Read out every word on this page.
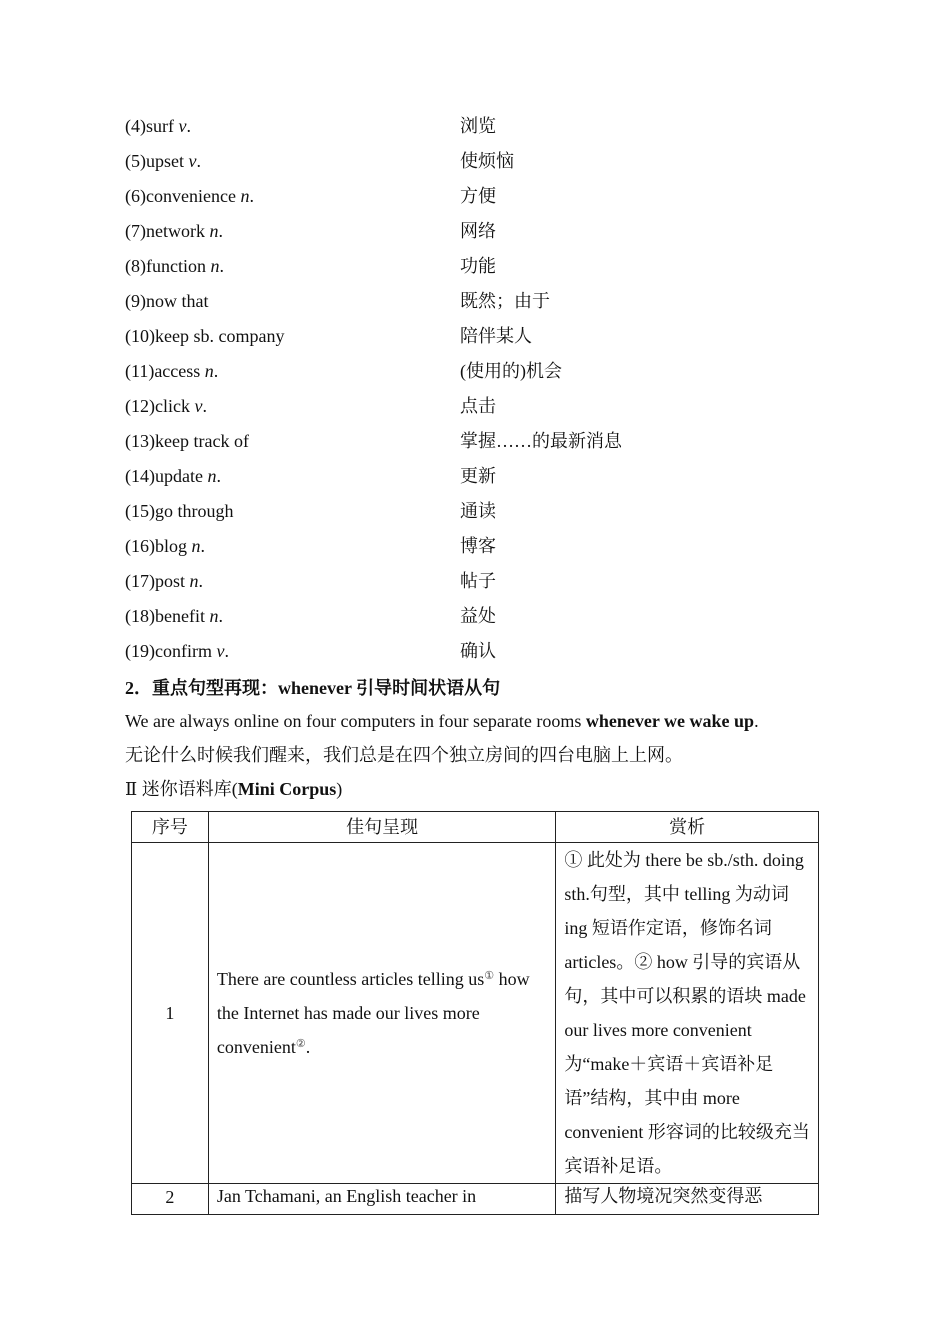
(4)surf v.	浏览
(5)upset v.	使烦恼
(6)convenience n.	方便
(7)network n.	网络
(8)function n.	功能
(9)now that	既然；由于
(10)keep sb. company	陪伴某人
(11)access n.	(使用的)机会
(12)click v.	点击
(13)keep track of	掌握……的最新消息
(14)update n.	更新
(15)go through	通读
(16)blog n.	博客
(17)post n.	帖子
(18)benefit n.	益处
(19)confirm v.	确认
2．重点句型再现：whenever 引导时间状语从句
We are always online on four computers in four separate rooms whenever we wake up.
无论什么时候我们醒来，我们总是在四个独立房间的四台电脑上上网。
Ⅱ 迷你语料库(Mini Corpus)
序号	佳句呈现	赏析
1	There are countless articles telling us① how the Internet has made our lives more convenient②.	① 此处为 there be sb./sth. doing sth.句型，其中 telling 为动词ing 短语作定语，修饰名词 articles。② how 引导的宾语从句，其中可以积累的语块 made our lives more convenient 为“make＋宾语＋宾语补足语”结构，其中由 more convenient 形容词的比较级充当宾语补足语。
2	Jan Tchamani, an English teacher in	描写人物境况突然变得恶
